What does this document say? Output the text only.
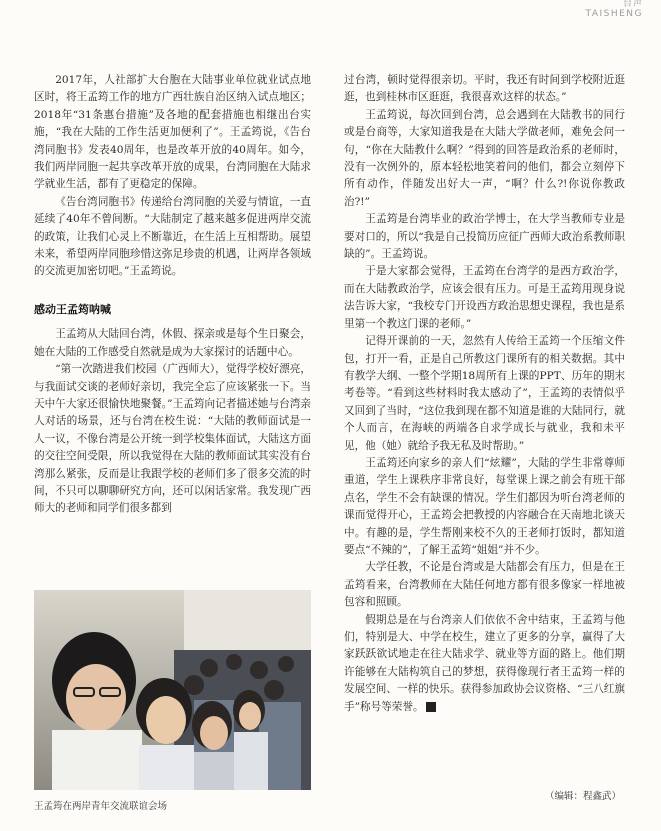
台声
TAISHENG

2017年，人社部扩大台胞在大陆事业单位就业试点地区时，将王孟筠工作的地方广西壮族自治区纳入试点地区；2018年“31条惠台措施”及各地的配套措施也相继出台实施，“我在大陆的工作生活更加便利了”。王孟筠说，《告台湾同胞书》发表40周年，也是改革开放的40周年。如今，我们两岸同胞一起共享改革开放的成果，台湾同胞在大陆求学就业生活，都有了更稳定的保障。

《告台湾同胞书》传递给台湾同胞的关爱与情谊，一直延续了40年不曾间断。“大陆制定了越来越多促进两岸交流的政策，让我们心灵上不断靠近，在生活上互相帮助。展望未来，希望两岸同胞珍惜这弥足珍贵的机遇，让两岸各领域的交流更加密切吧。”王孟筠说。

感动王孟筠呐喊

王孟筠从大陆回台湾，休假、探亲或是每个生日聚会，她在大陆的工作感受自然就是成为大家探讨的话题中心。

“第一次踏进我们校园（广西师大），觉得学校好漂亮，与我面试交谈的老师好亲切，我完全忘了应该紧张一下。当天中午大家还很愉快地聚餐。”王孟筠向记者描述她与台湾亲人对话的场景，还与台湾在校生说：“大陆的教师面试是一人一议，不像台湾是公开统一到学校集体面试，大陆这方面的交往空间受限，所以我觉得在大陆的教师面试其实没有台湾那么紧张，反而是让我跟学校的老师们多了很多交流的时间，不只可以聊聊研究方向，还可以闲话家常。我发现广西师大的老师和同学们很多都到

王孟筠在两岸青年交流联谊会场

过台湾，顿时觉得很亲切。平时，我还有时间到学校附近逛逛，也到桂林市区逛逛，我很喜欢这样的状态。”

王孟筠说，每次回到台湾，总会遇到在大陆教书的同行或是台商等，大家知道我是在大陆大学做老师，难免会问一句，“你在大陆教什么啊？”得到的回答是政治系的老师时，没有一次例外的，原本轻松地笑着问的他们，都会立刻停下所有动作，伴随发出好大一声，“啊？什么?!你说你教政治?!”

王孟筠是台湾毕业的政治学博士，在大学当教师专业是要对口的，所以“我是自己投简历应征广西师大政治系教师职缺的”。王孟筠说。

于是大家都会觉得，王孟筠在台湾学的是西方政治学，而在大陆教政治学，应该会很有压力。可是王孟筠用现身说法告诉大家，“我校专门开设西方政治思想史课程，我也是系里第一个教这门课的老师。”

记得开课前的一天，忽然有人传给王孟筠一个压缩文件包，打开一看，正是自己所教这门课所有的相关数据。其中有教学大纲、一整个学期18周所有上课的PPT、历年的期末考卷等。“看到这些材料时我太感动了”，王孟筠的表情似乎又回到了当时，“这位我到现在都不知道是谁的大陆同行，就个人而言，在海峡的两端各自求学成长与就业，我和未平见，他（她）就给予我无私及时帮助。”

王孟筠还向家乡的亲人们“炫耀”，大陆的学生非常尊师重道，学生上课秩序非常良好，每堂课上课之前会有班干部点名，学生不会有缺课的情况。学生们都因为听台湾老师的课而觉得开心，王孟筠会把教授的内容融合在天南地北谈天中。有趣的是，学生帮刚来校不久的王老师打饭时，都知道要点“不辣的”，了解王孟筠“姐姐”并不少。

大学任教，不论是台湾或是大陆都会有压力，但是在王孟筠看来，台湾教师在大陆任何地方都有很多像家一样地被包容和照顾。

假期总是在与台湾亲人们依依不舍中结束，王孟筠与他们，特别是大、中学在校生，建立了更多的分享，赢得了大家跃跃欲试地走在往大陆求学、就业等方面的路上。他们期许能够在大陆构筑自己的梦想，获得像现行者王孟筠一样的发展空间、一样的快乐。获得参加政协会议资格、“三八红旗手”称号等荣誉。	T

（编辑：程鑫武）
